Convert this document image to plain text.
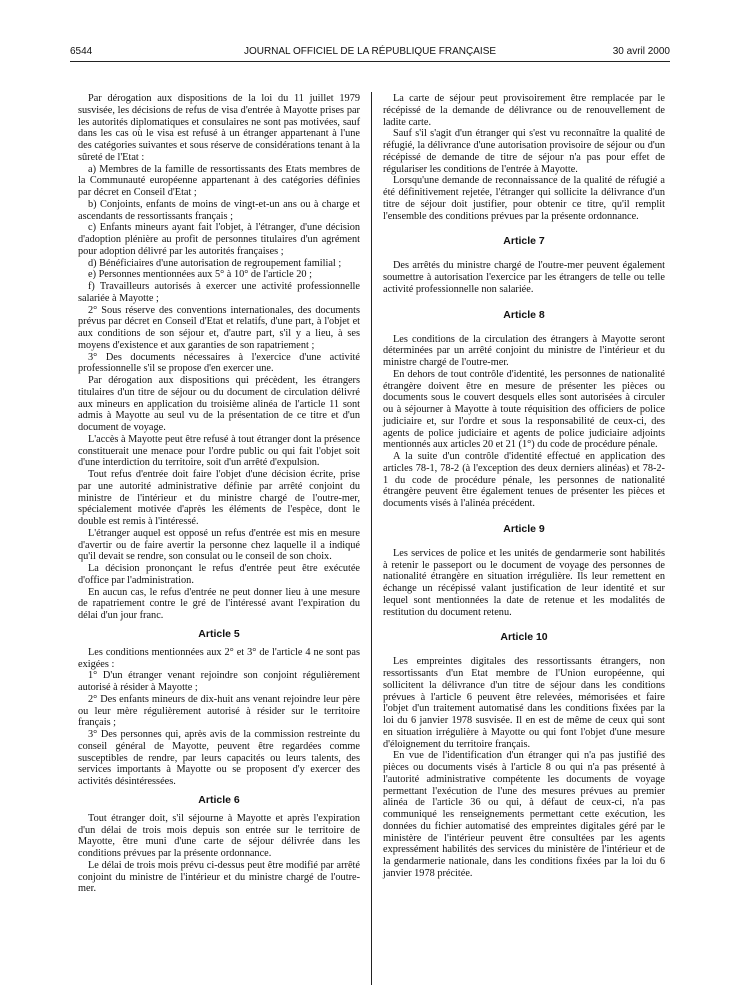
6544	JOURNAL OFFICIEL DE LA RÉPUBLIQUE FRANÇAISE	30 avril 2000

Par dérogation aux dispositions de la loi du 11 juillet 1979 susvisée, les décisions de refus de visa d'entrée à Mayotte prises par les autorités diplomatiques et consulaires ne sont pas motivées, sauf dans les cas où le visa est refusé à un étranger appartenant à l'une des catégories suivantes et sous réserve de considérations tenant à la sûreté de l'Etat :

a) Membres de la famille de ressortissants des Etats membres de la Communauté européenne appartenant à des catégories définies par décret en Conseil d'Etat ;

b) Conjoints, enfants de moins de vingt-et-un ans ou à charge et ascendants de ressortissants français ;

c) Enfants mineurs ayant fait l'objet, à l'étranger, d'une décision d'adoption plénière au profit de personnes titulaires d'un agrément pour adoption délivré par les autorités françaises ;

d) Bénéficiaires d'une autorisation de regroupement familial ;

e) Personnes mentionnées aux 5° à 10° de l'article 20 ;

f) Travailleurs autorisés à exercer une activité professionnelle salariée à Mayotte ;

2° Sous réserve des conventions internationales, des documents prévus par décret en Conseil d'Etat et relatifs, d'une part, à l'objet et aux conditions de son séjour et, d'autre part, s'il y a lieu, à ses moyens d'existence et aux garanties de son rapatriement ;

3° Des documents nécessaires à l'exercice d'une activité professionnelle s'il se propose d'en exercer une.

Par dérogation aux dispositions qui précèdent, les étrangers titulaires d'un titre de séjour ou du document de circulation délivré aux mineurs en application du troisième alinéa de l'article 11 sont admis à Mayotte au seul vu de la présentation de ce titre et d'un document de voyage.

L'accès à Mayotte peut être refusé à tout étranger dont la présence constituerait une menace pour l'ordre public ou qui fait l'objet soit d'une interdiction du territoire, soit d'un arrêté d'expulsion.

Tout refus d'entrée doit faire l'objet d'une décision écrite, prise par une autorité administrative définie par arrêté conjoint du ministre de l'intérieur et du ministre chargé de l'outre-mer, spécialement motivée d'après les éléments de l'espèce, dont le double est remis à l'intéressé.

L'étranger auquel est opposé un refus d'entrée est mis en mesure d'avertir ou de faire avertir la personne chez laquelle il a indiqué qu'il devait se rendre, son consulat ou le conseil de son choix.

La décision prononçant le refus d'entrée peut être exécutée d'office par l'administration.

En aucun cas, le refus d'entrée ne peut donner lieu à une mesure de rapatriement contre le gré de l'intéressé avant l'expiration du délai d'un jour franc.

Article 5

Les conditions mentionnées aux 2° et 3° de l'article 4 ne sont pas exigées :

1° D'un étranger venant rejoindre son conjoint régulièrement autorisé à résider à Mayotte ;

2° Des enfants mineurs de dix-huit ans venant rejoindre leur père ou leur mère régulièrement autorisé à résider sur le territoire français ;

3° Des personnes qui, après avis de la commission restreinte du conseil général de Mayotte, peuvent être regardées comme susceptibles de rendre, par leurs capacités ou leurs talents, des services importants à Mayotte ou se proposent d'y exercer des activités désintéressées.

Article 6

Tout étranger doit, s'il séjourne à Mayotte et après l'expiration d'un délai de trois mois depuis son entrée sur le territoire de Mayotte, être muni d'une carte de séjour délivrée dans les conditions prévues par la présente ordonnance.

Le délai de trois mois prévu ci-dessus peut être modifié par arrêté conjoint du ministre de l'intérieur et du ministre chargé de l'outre-mer.

La carte de séjour peut provisoirement être remplacée par le récépissé de la demande de délivrance ou de renouvellement de ladite carte.

Sauf s'il s'agit d'un étranger qui s'est vu reconnaître la qualité de réfugié, la délivrance d'une autorisation provisoire de séjour ou d'un récépissé de demande de titre de séjour n'a pas pour effet de régulariser les conditions de l'entrée à Mayotte.

Lorsqu'une demande de reconnaissance de la qualité de réfugié a été définitivement rejetée, l'étranger qui sollicite la délivrance d'un titre de séjour doit justifier, pour obtenir ce titre, qu'il remplit l'ensemble des conditions prévues par la présente ordonnance.

Article 7

Des arrêtés du ministre chargé de l'outre-mer peuvent également soumettre à autorisation l'exercice par les étrangers de telle ou telle activité professionnelle non salariée.

Article 8

Les conditions de la circulation des étrangers à Mayotte seront déterminées par un arrêté conjoint du ministre de l'intérieur et du ministre chargé de l'outre-mer.

En dehors de tout contrôle d'identité, les personnes de nationalité étrangère doivent être en mesure de présenter les pièces ou documents sous le couvert desquels elles sont autorisées à circuler ou à séjourner à Mayotte à toute réquisition des officiers de police judiciaire et, sur l'ordre et sous la responsabilité de ceux-ci, des agents de police judiciaire et agents de police judiciaire adjoints mentionnés aux articles 20 et 21 (1°) du code de procédure pénale.

A la suite d'un contrôle d'identité effectué en application des articles 78-1, 78-2 (à l'exception des deux derniers alinéas) et 78-2-1 du code de procédure pénale, les personnes de nationalité étrangère peuvent être également tenues de présenter les pièces et documents visés à l'alinéa précédent.

Article 9

Les services de police et les unités de gendarmerie sont habilités à retenir le passeport ou le document de voyage des personnes de nationalité étrangère en situation irrégulière. Ils leur remettent en échange un récépissé valant justification de leur identité et sur lequel sont mentionnées la date de retenue et les modalités de restitution du document retenu.

Article 10

Les empreintes digitales des ressortissants étrangers, non ressortissants d'un Etat membre de l'Union européenne, qui sollicitent la délivrance d'un titre de séjour dans les conditions prévues à l'article 6 peuvent être relevées, mémorisées et faire l'objet d'un traitement automatisé dans les conditions fixées par la loi du 6 janvier 1978 susvisée. Il en est de même de ceux qui sont en situation irrégulière à Mayotte ou qui font l'objet d'une mesure d'éloignement du territoire français.

En vue de l'identification d'un étranger qui n'a pas justifié des pièces ou documents visés à l'article 8 ou qui n'a pas présenté à l'autorité administrative compétente les documents de voyage permettant l'exécution de l'une des mesures prévues au premier alinéa de l'article 36 ou qui, à défaut de ceux-ci, n'a pas communiqué les renseignements permettant cette exécution, les données du fichier automatisé des empreintes digitales géré par le ministère de l'intérieur peuvent être consultées par les agents expressément habilités des services du ministère de l'intérieur et de la gendarmerie nationale, dans les conditions fixées par la loi du 6 janvier 1978 précitée.
